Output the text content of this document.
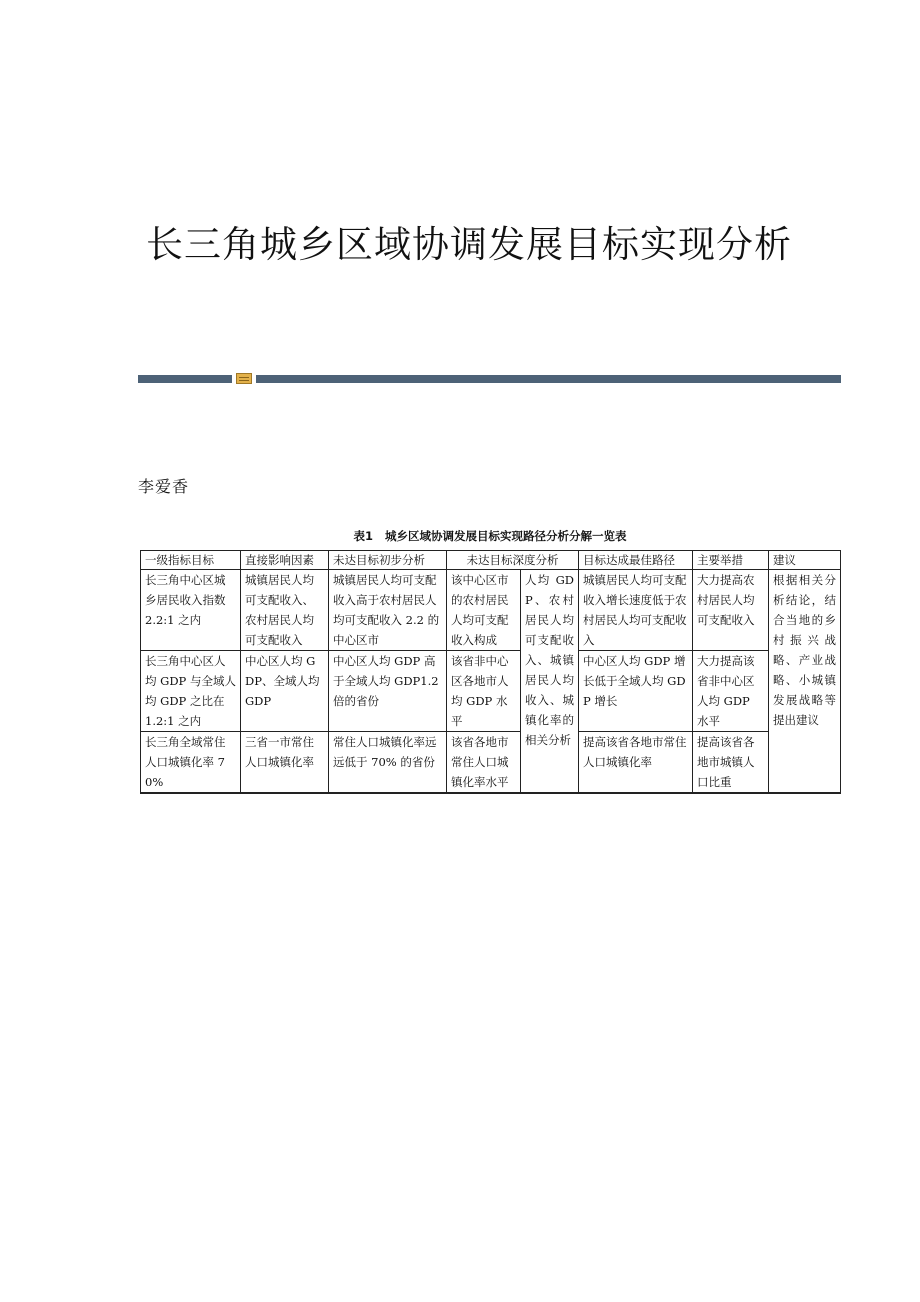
长三角城乡区域协调发展目标实现分析
李爱香
表1   城乡区域协调发展目标实现路径分析分解一览表
一级指标目标	直接影响因素	未达目标初步分析	未达目标深度分析		目标达成最佳路径	主要举措	建议
长三角中心区城乡居民收入指数 2.2:1 之内	城镇居民人均可支配收入、农村居民人均可支配收入	城镇居民人均可支配收入高于农村居民人均可支配收入 2.2 的中心区市	该中心区市的农村居民人均可支配收入构成	人均 GDP、农村居民人均可支配收入、城镇居民人均收入、城镇化率的相关分析	城镇居民人均可支配收入增长速度低于农村居民人均可支配收入	大力提高农村居民人均可支配收入	根据相关分析结论，结合当地的乡村振兴战略、产业战略、小城镇发展战略等提出建议
长三角中心区人均 GDP 与全域人均 GDP 之比在 1.2:1 之内	中心区人均 GDP、全域人均 GDP	中心区人均 GDP 高于全域人均 GDP1.2 倍的省份	该省非中心区各地市人均 GDP 水平		中心区人均 GDP 增长低于全域人均 GDP 增长	大力提高该省非中心区人均 GDP 水平	
长三角全域常住人口城镇化率 70%	三省一市常住人口城镇化率	常住人口城镇化率远远低于 70% 的省份	该省各地市常住人口城镇化率水平		提高该省各地市常住人口城镇化率	提高该省各地市城镇人口比重	
